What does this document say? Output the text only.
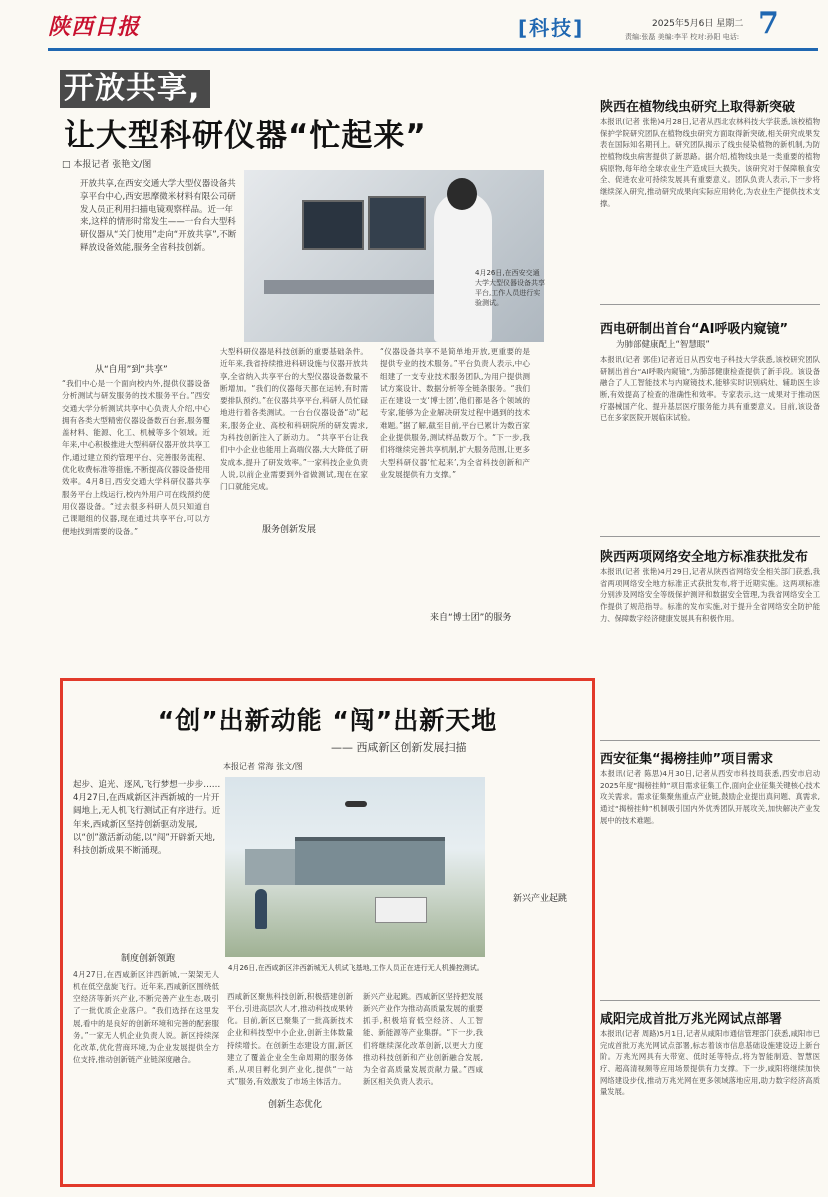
陕西日报	[科技]	2025年5月6日 星期二
责编:张磊 美编:李平 校对:孙阳 电话: 7
开放共享,
让大型科研仪器“忙起来”
□ 本报记者 张艳文/图
开放共享,在西安交通大学大型仪器设备共享平台中心,西安思摩微米材料有限公司研发人员正利用扫描电镜观察样品。近一年来,这样的情形时常发生——一台台大型科研仪器从“关门使用”走向“开放共享”,不断释放设备效能,服务全省科技创新。
4月26日,在西安交通大学大型仪器设备共享平台,工作人员进行实验测试。
从“自用”到“共享”
“我们中心是一个面向校内外,提供仪器设备分析测试与研发服务的技术服务平台。”西安交通大学分析测试共享中心负责人介绍,中心拥有各类大型精密仪器设备数百台套,服务覆盖材料、能源、化工、机械等多个领域。近年来,中心积极推进大型科研仪器开放共享工作,通过建立预约管理平台、完善服务流程、优化收费标准等措施,不断提高仪器设备使用效率。4月8日,西安交通大学科研仪器共享服务平台上线运行,校内外用户可在线预约使用仪器设备。“过去很多科研人员只知道自己课题组的仪器,现在通过共享平台,可以方便地找到需要的设备。”
大型科研仪器是科技创新的重要基础条件。近年来,我省持续推进科研设施与仪器开放共享,全省纳入共享平台的大型仪器设备数量不断增加。“我们的仪器每天都在运转,有时需要排队预约。”在仪器共享平台,科研人员忙碌地进行着各类测试。一台台仪器设备“动”起来,服务企业、高校和科研院所的研发需求,为科技创新注入了新动力。 “共享平台让我们中小企业也能用上高端仪器,大大降低了研发成本,提升了研发效率。”一家科技企业负责人说,以前企业需要到外省做测试,现在在家门口就能完成。
服务创新发展
“仪器设备共享不是简单地开放,更重要的是提供专业的技术服务。”平台负责人表示,中心组建了一支专业技术服务团队,为用户提供测试方案设计、数据分析等全链条服务。“我们正在建设一支‘博士团’,他们都是各个领域的专家,能够为企业解决研发过程中遇到的技术难题。”据了解,截至目前,平台已累计为数百家企业提供服务,测试样品数万个。“下一步,我们将继续完善共享机制,扩大服务范围,让更多大型科研仪器‘忙起来’,为全省科技创新和产业发展提供有力支撑。”
来自“博士团”的服务
陕西在植物线虫研究上取得新突破
本报讯(记者 张艳)4月28日,记者从西北农林科技大学获悉,该校植物保护学院研究团队在植物线虫研究方面取得新突破,相关研究成果发表在国际知名期刊上。研究团队揭示了线虫侵染植物的新机制,为防控植物线虫病害提供了新思路。据介绍,植物线虫是一类重要的植物病原物,每年给全球农业生产造成巨大损失。该研究对于保障粮食安全、促进农业可持续发展具有重要意义。团队负责人表示,下一步将继续深入研究,推动研究成果向实际应用转化,为农业生产提供技术支撑。
西电研制出首台“AI呼吸内窥镜”
为肺部健康配上“智慧眼”
本报讯(记者 郭佳)记者近日从西安电子科技大学获悉,该校研究团队研制出首台“AI呼吸内窥镜”,为肺部健康检查提供了新手段。该设备融合了人工智能技术与内窥镜技术,能够实时识别病灶、辅助医生诊断,有效提高了检查的准确性和效率。专家表示,这一成果对于推动医疗器械国产化、提升基层医疗服务能力具有重要意义。目前,该设备已在多家医院开展临床试验。
陕西两项网络安全地方标准获批发布
本报讯(记者 张艳)4月29日,记者从陕西省网络安全相关部门获悉,我省两项网络安全地方标准正式获批发布,将于近期实施。这两项标准分别涉及网络安全等级保护测评和数据安全管理,为我省网络安全工作提供了规范指导。标准的发布实施,对于提升全省网络安全防护能力、保障数字经济健康发展具有积极作用。
西安征集“揭榜挂帅”项目需求
本报讯(记者 陈思)4月30日,记者从西安市科技局获悉,西安市启动2025年度“揭榜挂帅”项目需求征集工作,面向企业征集关键核心技术攻关需求。需求征集聚焦重点产业链,鼓励企业提出真问题、真需求,通过“揭榜挂帅”机制吸引国内外优秀团队开展攻关,加快解决产业发展中的技术难题。
咸阳完成首批万兆光网试点部署
本报讯(记者 周路)5月1日,记者从咸阳市通信管理部门获悉,咸阳市已完成首批万兆光网试点部署,标志着该市信息基础设施建设迈上新台阶。万兆光网具有大带宽、低时延等特点,将为智能制造、智慧医疗、超高清视频等应用场景提供有力支撑。下一步,咸阳将继续加快网络建设步伐,推动万兆光网在更多领域落地应用,助力数字经济高质量发展。
“创”出新动能 “闯”出新天地
—— 西咸新区创新发展扫描
本报记者 常海 张文/图
起步、追光、逐风,飞行梦想一步步……4月27日,在西咸新区沣西新城的一片开阔地上,无人机飞行测试正有序进行。近年来,西咸新区坚持创新驱动发展,以“创”激活新动能,以“闯”开辟新天地,科技创新成果不断涌现。
4月26日,在西咸新区沣西新城无人机试飞基地,工作人员正在进行无人机操控测试。
制度创新领跑
4月27日,在西咸新区沣西新城,一架架无人机在低空盘旋飞行。近年来,西咸新区围绕低空经济等新兴产业,不断完善产业生态,吸引了一批优质企业落户。“我们选择在这里发展,看中的是良好的创新环境和完善的配套服务。”一家无人机企业负责人说。新区持续深化改革,优化营商环境,为企业发展提供全方位支持,推动创新链产业链深度融合。
创新生态优化
西咸新区聚焦科技创新,积极搭建创新平台,引进高层次人才,推动科技成果转化。目前,新区已聚集了一批高新技术企业和科技型中小企业,创新主体数量持续增长。在创新生态建设方面,新区建立了覆盖企业全生命周期的服务体系,从项目孵化到产业化,提供“一站式”服务,有效激发了市场主体活力。
新兴产业起跳
新兴产业起跳。西咸新区坚持把发展新兴产业作为推动高质量发展的重要抓手,积极培育低空经济、人工智能、新能源等产业集群。“下一步,我们将继续深化改革创新,以更大力度推动科技创新和产业创新融合发展,为全省高质量发展贡献力量。”西咸新区相关负责人表示。
